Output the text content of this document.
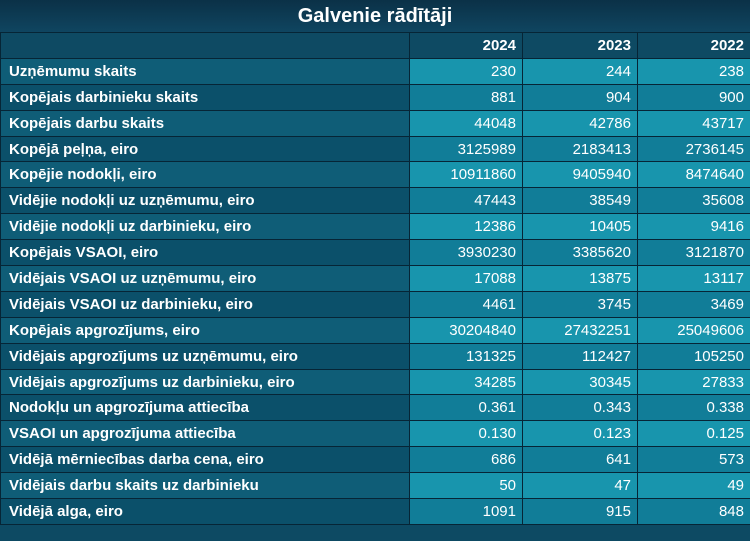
Galvenie rādītāji
	2024	2023	2022
Uzņēmumu skaits	230	244	238
Kopējais darbinieku skaits	881	904	900
Kopējais darbu skaits	44048	42786	43717
Kopējā peļņa, eiro	3125989	2183413	2736145
Kopējie nodokļi, eiro	10911860	9405940	8474640
Vidējie nodokļi uz uzņēmumu, eiro	47443	38549	35608
Vidējie nodokļi uz darbinieku, eiro	12386	10405	9416
Kopējais VSAOI, eiro	3930230	3385620	3121870
Vidējais VSAOI uz uzņēmumu, eiro	17088	13875	13117
Vidējais VSAOI uz darbinieku, eiro	4461	3745	3469
Kopējais apgrozījums, eiro	30204840	27432251	25049606
Vidējais apgrozījums uz uzņēmumu, eiro	131325	112427	105250
Vidējais apgrozījums uz darbinieku, eiro	34285	30345	27833
Nodokļu un apgrozījuma attiecība	0.361	0.343	0.338
VSAOI un apgrozījuma attiecība	0.130	0.123	0.125
Vidējā mērniecības darba cena, eiro	686	641	573
Vidējais darbu skaits uz darbinieku	50	47	49
Vidējā alga, eiro	1091	915	848
